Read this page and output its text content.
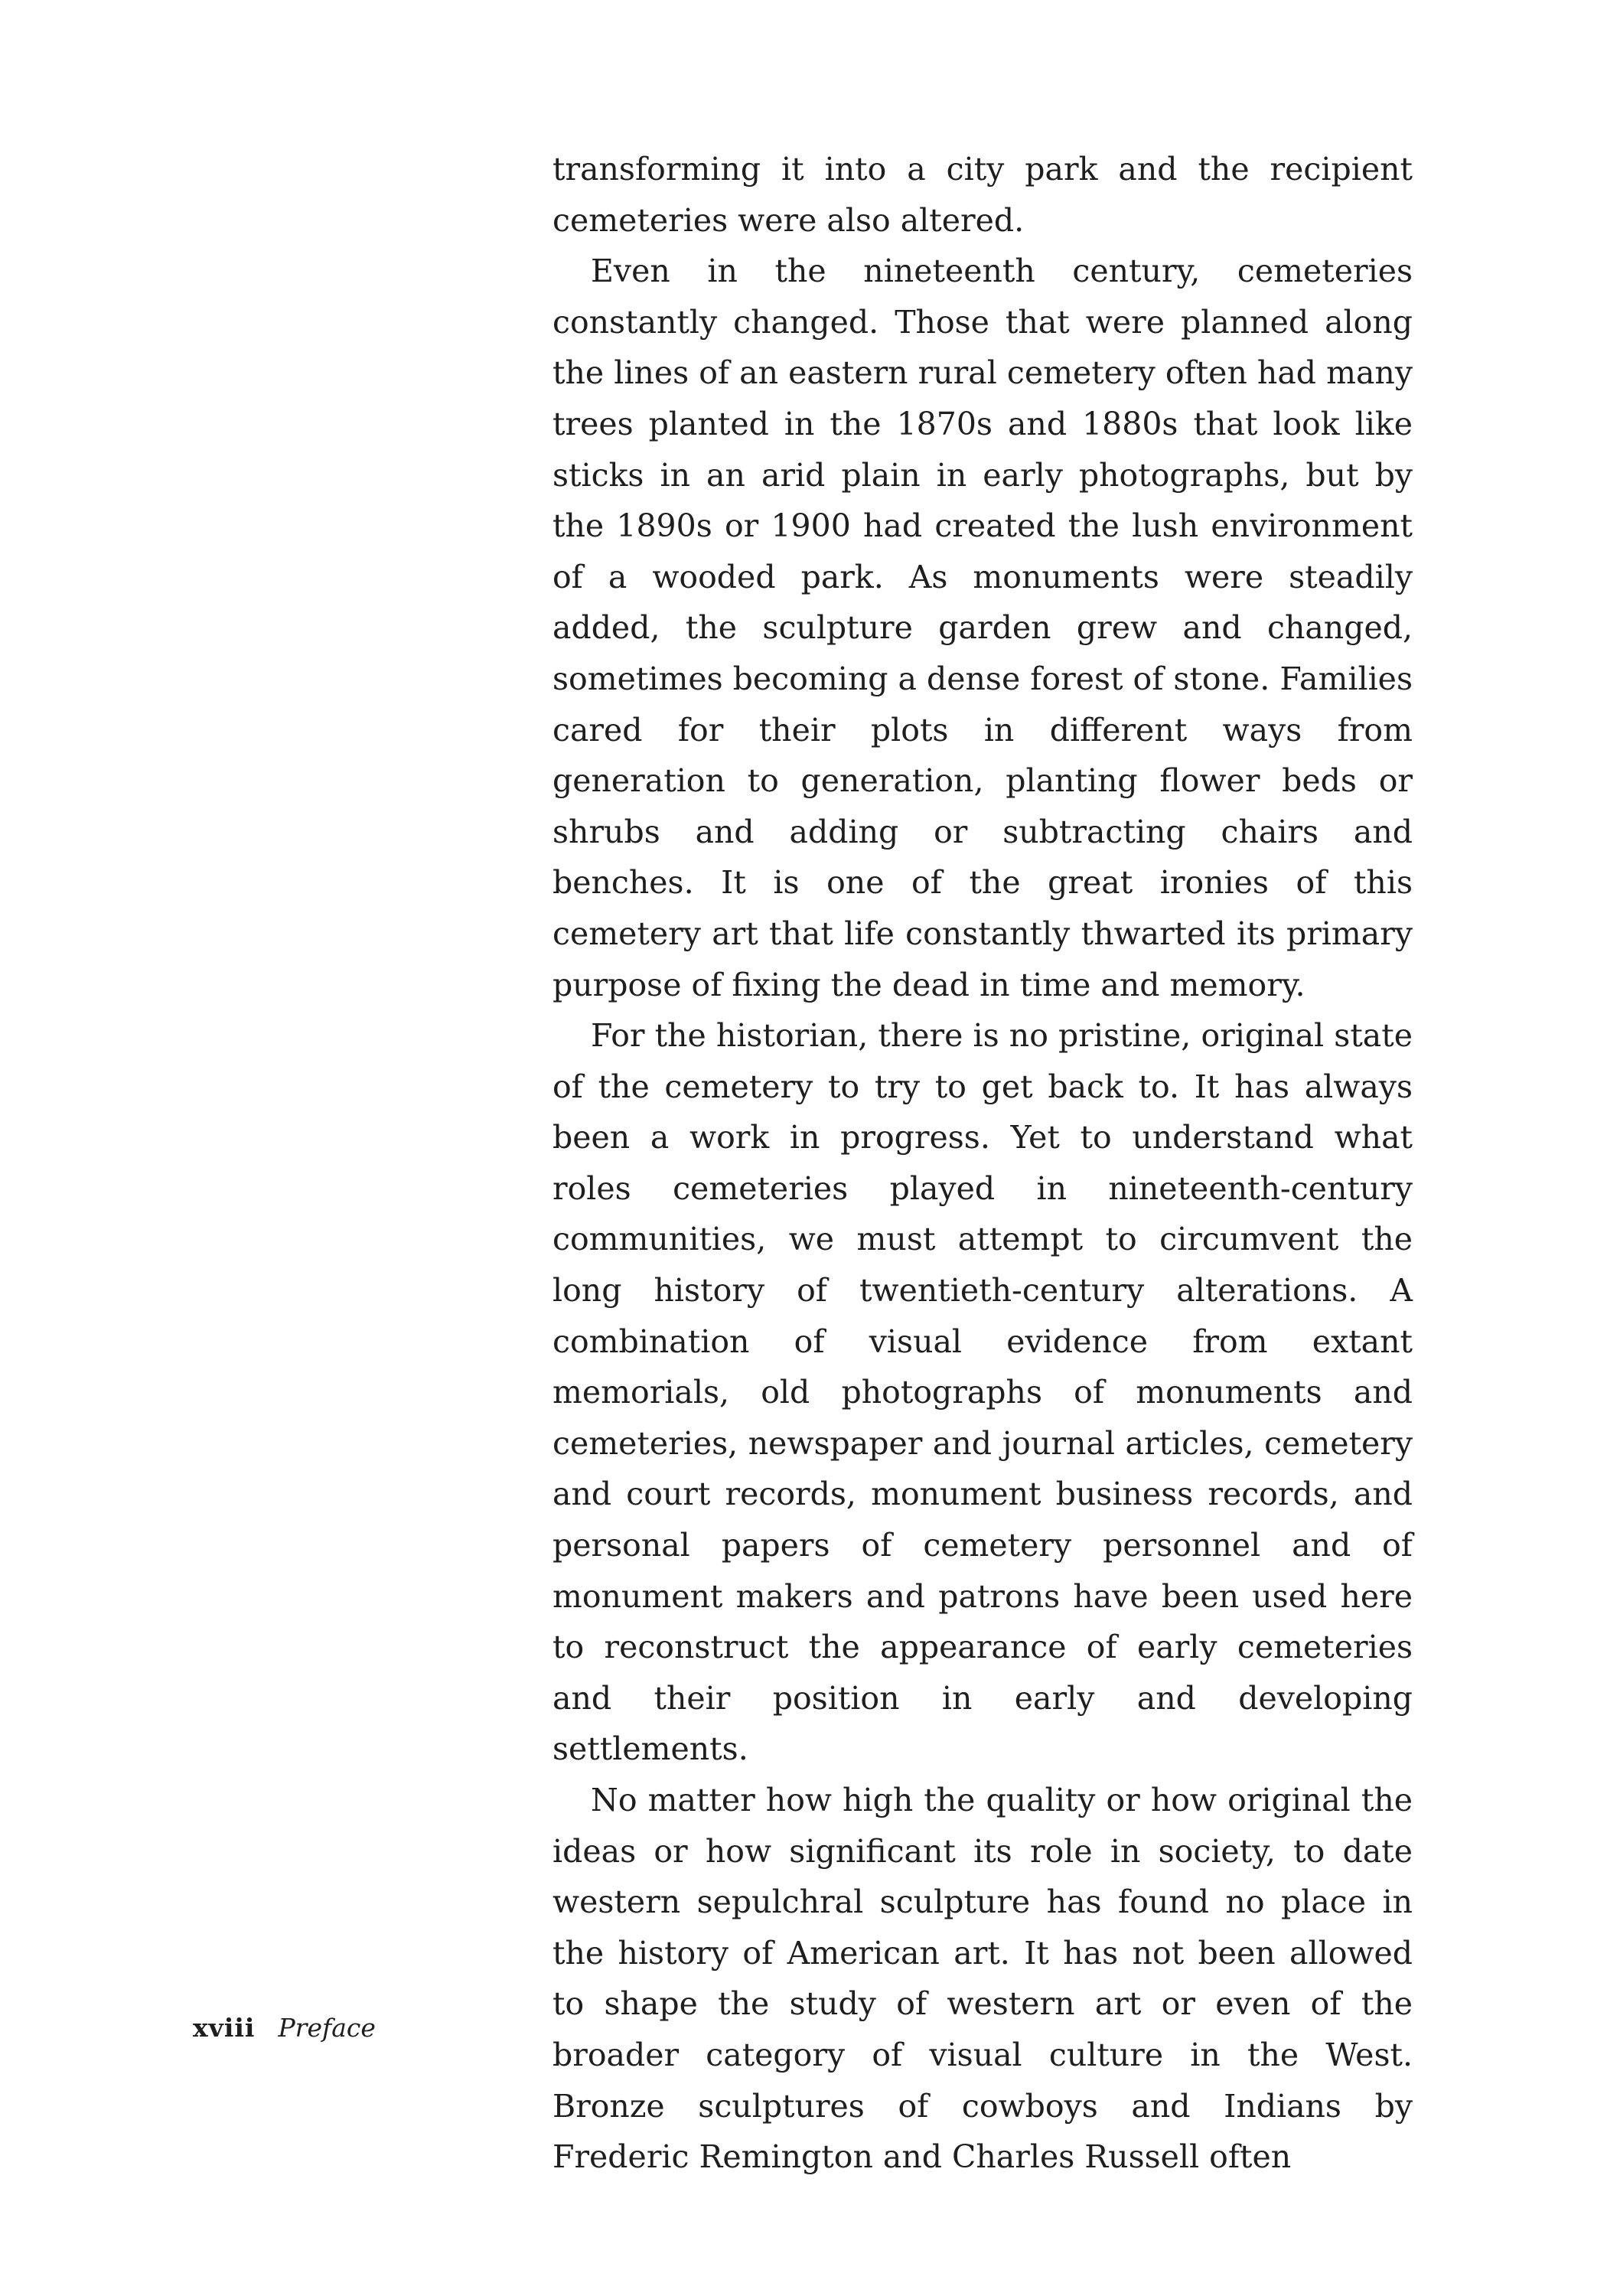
transforming it into a city park and the recipient cemeteries were also altered.

Even in the nineteenth century, cemeteries constantly changed. Those that were planned along the lines of an eastern rural cemetery often had many trees planted in the 1870s and 1880s that look like sticks in an arid plain in early photographs, but by the 1890s or 1900 had created the lush environment of a wooded park. As monuments were steadily added, the sculpture garden grew and changed, sometimes becoming a dense forest of stone. Families cared for their plots in different ways from generation to generation, planting flower beds or shrubs and adding or subtracting chairs and benches. It is one of the great ironies of this cemetery art that life constantly thwarted its primary purpose of fixing the dead in time and memory.

For the historian, there is no pristine, original state of the cemetery to try to get back to. It has always been a work in progress. Yet to understand what roles cemeteries played in nineteenth-century communities, we must attempt to circumvent the long history of twentieth-century alterations. A combination of visual evidence from extant memorials, old photographs of monuments and cemeteries, newspaper and journal articles, cemetery and court records, monument business records, and personal papers of cemetery personnel and of monument makers and patrons have been used here to reconstruct the appearance of early cemeteries and their position in early and developing settlements.

No matter how high the quality or how original the ideas or how significant its role in society, to date western sepulchral sculpture has found no place in the history of American art. It has not been allowed to shape the study of western art or even of the broader category of visual culture in the West. Bronze sculptures of cowboys and Indians by Frederic Remington and Charles Russell often

xviii Preface
